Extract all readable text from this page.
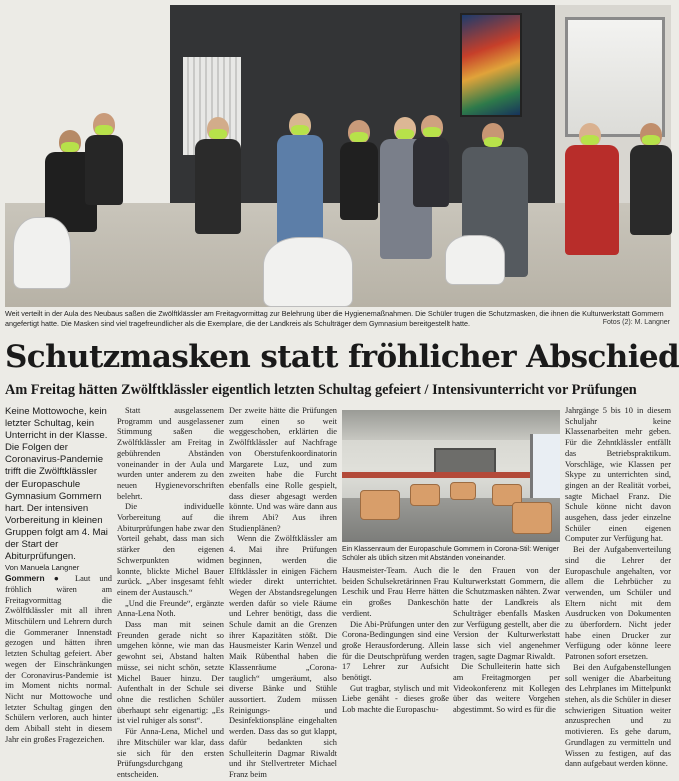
Weit verteilt in der Aula des Neubaus saßen die Zwölftklässler am Freitagvormittag zur Belehrung über die Hygienemaßnahmen. Die Schüler trugen die Schutzmasken, die ihnen die Kulturwerkstatt Gommern angefertigt hatte. Die Masken sind viel tragefreundlicher als die Exemplare, die der Landkreis als Schulträger dem Gymnasium bereitgestellt hatte.	Fotos (2): M. Langner
Schutzmasken statt fröhlicher Abschied
Am Freitag hätten Zwölftklässler eigentlich letzten Schultag gefeiert / Intensivunterricht vor Prüfungen

Keine Mottowoche, kein letzter Schultag, kein Unterricht in der Klasse. Die Folgen der Coronavirus-Pandemie trifft die Zwölftklässler der Europaschule Gymnasium Gommern hart. Der intensiven Vorbereitung in kleinen Gruppen folgt am 4. Mai der Start der Abiturprüfungen.

Von Manuela Langner

Gommern ● Laut und fröhlich wären am Freitagvormittag die Zwölftklässler mit all ihren Mitschülern und Lehrern durch die Gommeraner Innenstadt gezogen und hätten ihren letzten Schultag gefeiert. Aber wegen der Einschränkungen der Coronavirus-Pandemie ist im Moment nichts normal. Nicht nur Mottowoche und letzter Schultag gingen den Schülern verloren, auch hinter dem Abiball steht in diesem Jahr ein großes Fragezeichen.

Statt ausgelassenem Programm und ausgelassener Stimmung saßen die Zwölftklässler am Freitag in gebührenden Abständen voneinander in der Aula und wurden unter anderem zu den neuen Hygienevorschriften belehrt.

Die individuelle Vorbereitung auf die Abiturprüfungen habe zwar den Vorteil gehabt, dass man sich stärker den eigenen Schwerpunkten widmen konnte, blickte Michel Bauer zurück. „Aber insgesamt fehlt einem der Austausch.“

„Und die Freunde“, ergänzte Anna-Lena Noth.

Dass man mit seinen Freunden gerade nicht so umgehen könne, wie man das gewohnt sei, Abstand halten müsse, sei nicht schön, setzte Michel Bauer hinzu. Der Aufenthalt in der Schule sei ohne die restlichen Schüler überhaupt sehr eigenartig: „Es ist viel ruhiger als sonst“.

Für Anna-Lena, Michel und ihre Mitschüler war klar, dass sie sich für den ersten Prüfungsdurchgang entscheiden.

Der zweite hätte die Prüfungen zum einen so weit weggeschoben, erklärten die Zwölftklässler auf Nachfrage von Oberstufenkoordinatorin Margarete Luz, und zum zweiten habe die Furcht ebenfalls eine Rolle gespielt, dass dieser abgesagt werden könnte. Und was wäre dann aus ihrem Abi? Aus ihren Studienplänen?

Wenn die Zwölftklässler am 4. Mai ihre Prüfungen beginnen, werden die Elftklässler in einigen Fächern wieder direkt unterrichtet. Wegen der Abstandsregelungen werden dafür so viele Räume und Lehrer benötigt, dass die Schule damit an die Grenzen ihrer Kapazitäten stößt. Die Hausmeister Karin Wenzel und Maik Rübenthal haben die Klassenräume „Corona-tauglich“ umgeräumt, also diverse Bänke und Stühle aussortiert. Zudem müssen Reinigungs- und Desinfektionspläne eingehalten werden. Dass das so gut klappt, dafür bedankten sich Schulleiterin Dagmar Riwaldt und ihr Stellvertreter Michael Franz beim

Ein Klassenraum der Europaschule Gommern in Corona-Stil: Weniger Schüler als üblich sitzen mit Abständen voneinander.

Hausmeister-Team. Auch die beiden Schulsekretärinnen Frau Leschik und Frau Herre hätten ein großes Dankeschön verdient.

Die Abi-Prüfungen unter den Corona-Bedingungen sind eine große Herausforderung. Allein für die Deutschprüfung werden 17 Lehrer zur Aufsicht benötigt.

Gut tragbar, stylisch und mit Liebe genäht - dieses große Lob machte die Europaschu-

le den Frauen von der Kulturwerkstatt Gommern, die die Schutzmasken nähten. Zwar hatte der Landkreis als Schulträger ebenfalls Masken zur Verfügung gestellt, aber die Version der Kulturwerkstatt lasse sich viel angenehmer tragen, sagte Dagmar Riwaldt.

Die Schulleiterin hatte sich am Freitagmorgen per Videokonferenz mit Kollegen über das weitere Vorgehen abgestimmt. So wird es für die

Jahrgänge 5 bis 10 in diesem Schuljahr keine Klassenarbeiten mehr geben. Für die Zehntklässler entfällt das Betriebspraktikum. Vorschläge, wie Klassen per Skype zu unterrichten sind, gingen an der Realität vorbei, sagte Michael Franz. Die Schule könne nicht davon ausgehen, dass jeder einzelne Schüler einen eigenen Computer zur Verfügung hat.

Bei der Aufgabenverteilung sind die Lehrer der Europaschule angehalten, vor allem die Lehrbücher zu verwenden, um Schüler und Eltern nicht mit dem Ausdrucken von Dokumenten zu überfordern. Nicht jeder habe einen Drucker zur Verfügung oder könne leere Patronen sofort ersetzen.

Bei den Aufgabenstellungen soll weniger die Abarbeitung des Lehrplanes im Mittelpunkt stehen, als die Schüler in dieser schwierigen Situation weiter anzusprechen und zu motivieren. Es gehe darum, Grundlagen zu vermitteln und Wissen zu festigen, auf das dann aufgebaut werden könne.
